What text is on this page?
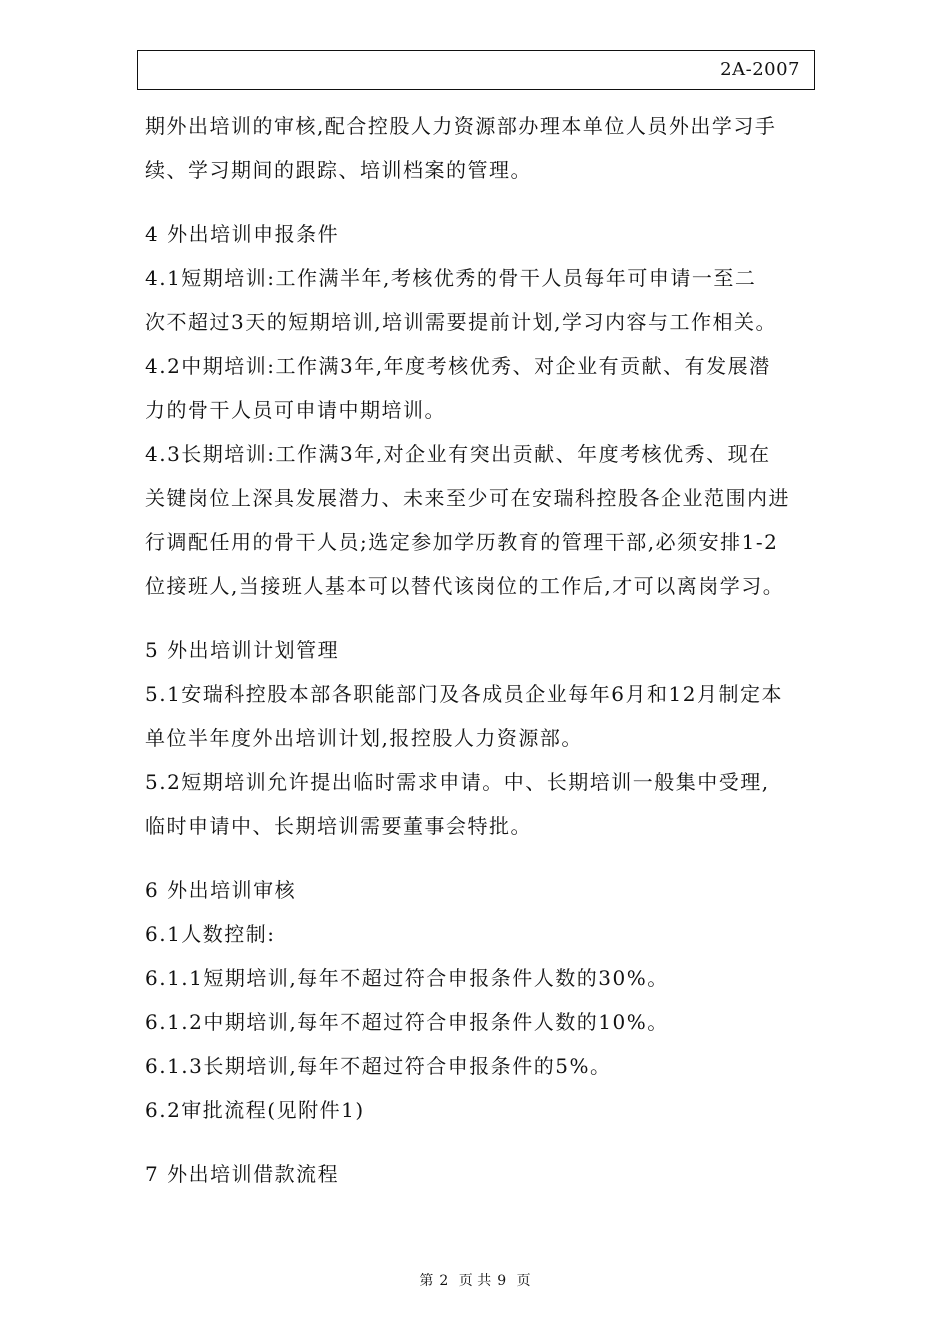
2A-2007
期外出培训的审核,配合控股人力资源部办理本单位人员外出学习手
续、学习期间的跟踪、培训档案的管理。
4 外出培训申报条件
4.1短期培训:工作满半年,考核优秀的骨干人员每年可申请一至二
次不超过3天的短期培训,培训需要提前计划,学习内容与工作相关。
4.2中期培训:工作满3年,年度考核优秀、对企业有贡献、有发展潜
力的骨干人员可申请中期培训。
4.3长期培训:工作满3年,对企业有突出贡献、年度考核优秀、现在
关键岗位上深具发展潜力、未来至少可在安瑞科控股各企业范围内进
行调配任用的骨干人员;选定参加学历教育的管理干部,必须安排1-2
位接班人,当接班人基本可以替代该岗位的工作后,才可以离岗学习。
5 外出培训计划管理
5.1安瑞科控股本部各职能部门及各成员企业每年6月和12月制定本
单位半年度外出培训计划,报控股人力资源部。
5.2短期培训允许提出临时需求申请。中、长期培训一般集中受理,
临时申请中、长期培训需要董事会特批。
6 外出培训审核
6.1人数控制:
6.1.1短期培训,每年不超过符合申报条件人数的30%。
6.1.2中期培训,每年不超过符合申报条件人数的10%。
6.1.3长期培训,每年不超过符合申报条件的5%。
6.2审批流程(见附件1)
7 外出培训借款流程
第 2 页 共 9 页
